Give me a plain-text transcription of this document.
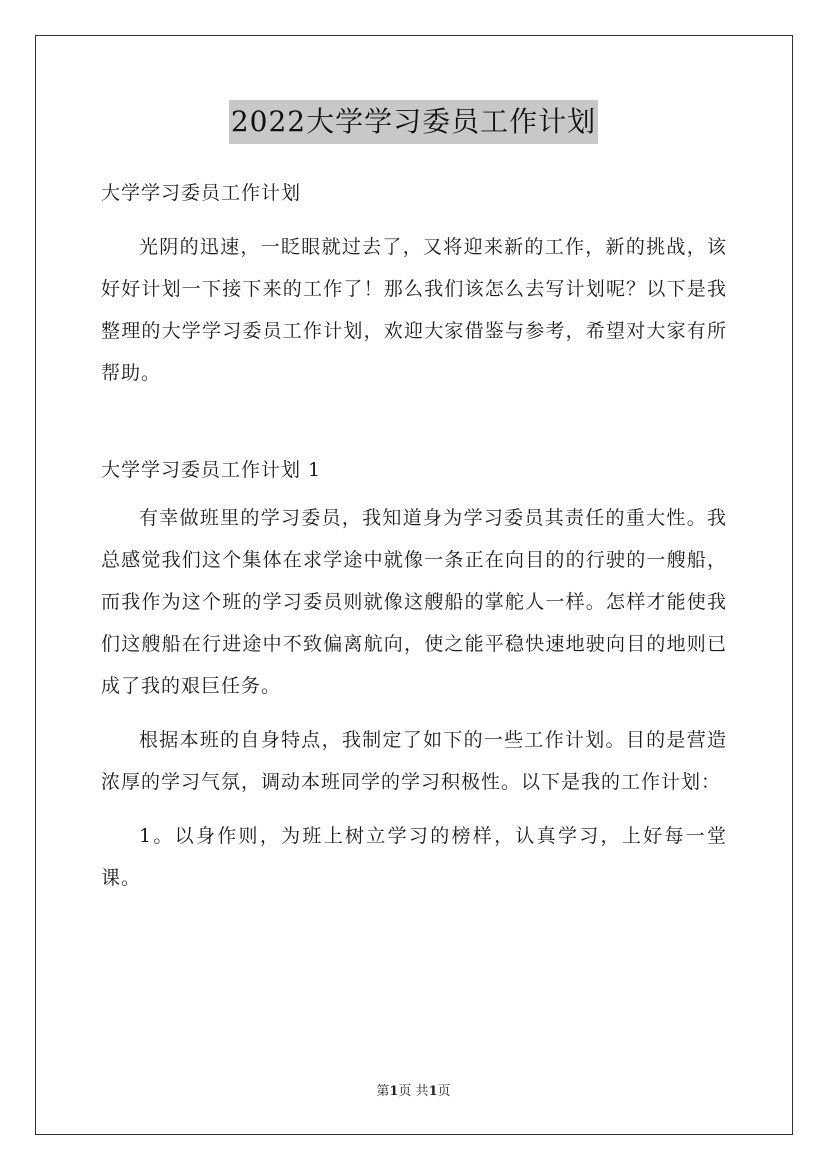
2022大学学习委员工作计划

大学学习委员工作计划

光阴的迅速，一眨眼就过去了，又将迎来新的工作，新的挑战，该好好计划一下接下来的工作了！那么我们该怎么去写计划呢？以下是我整理的大学学习委员工作计划，欢迎大家借鉴与参考，希望对大家有所帮助。

大学学习委员工作计划 1

有幸做班里的学习委员，我知道身为学习委员其责任的重大性。我总感觉我们这个集体在求学途中就像一条正在向目的的行驶的一艘船，而我作为这个班的学习委员则就像这艘船的掌舵人一样。怎样才能使我们这艘船在行进途中不致偏离航向，使之能平稳快速地驶向目的地则已成了我的艰巨任务。

根据本班的自身特点，我制定了如下的一些工作计划。目的是营造浓厚的学习气氛，调动本班同学的学习积极性。以下是我的工作计划：

1。以身作则，为班上树立学习的榜样，认真学习，上好每一堂课。

第1页 共1页
